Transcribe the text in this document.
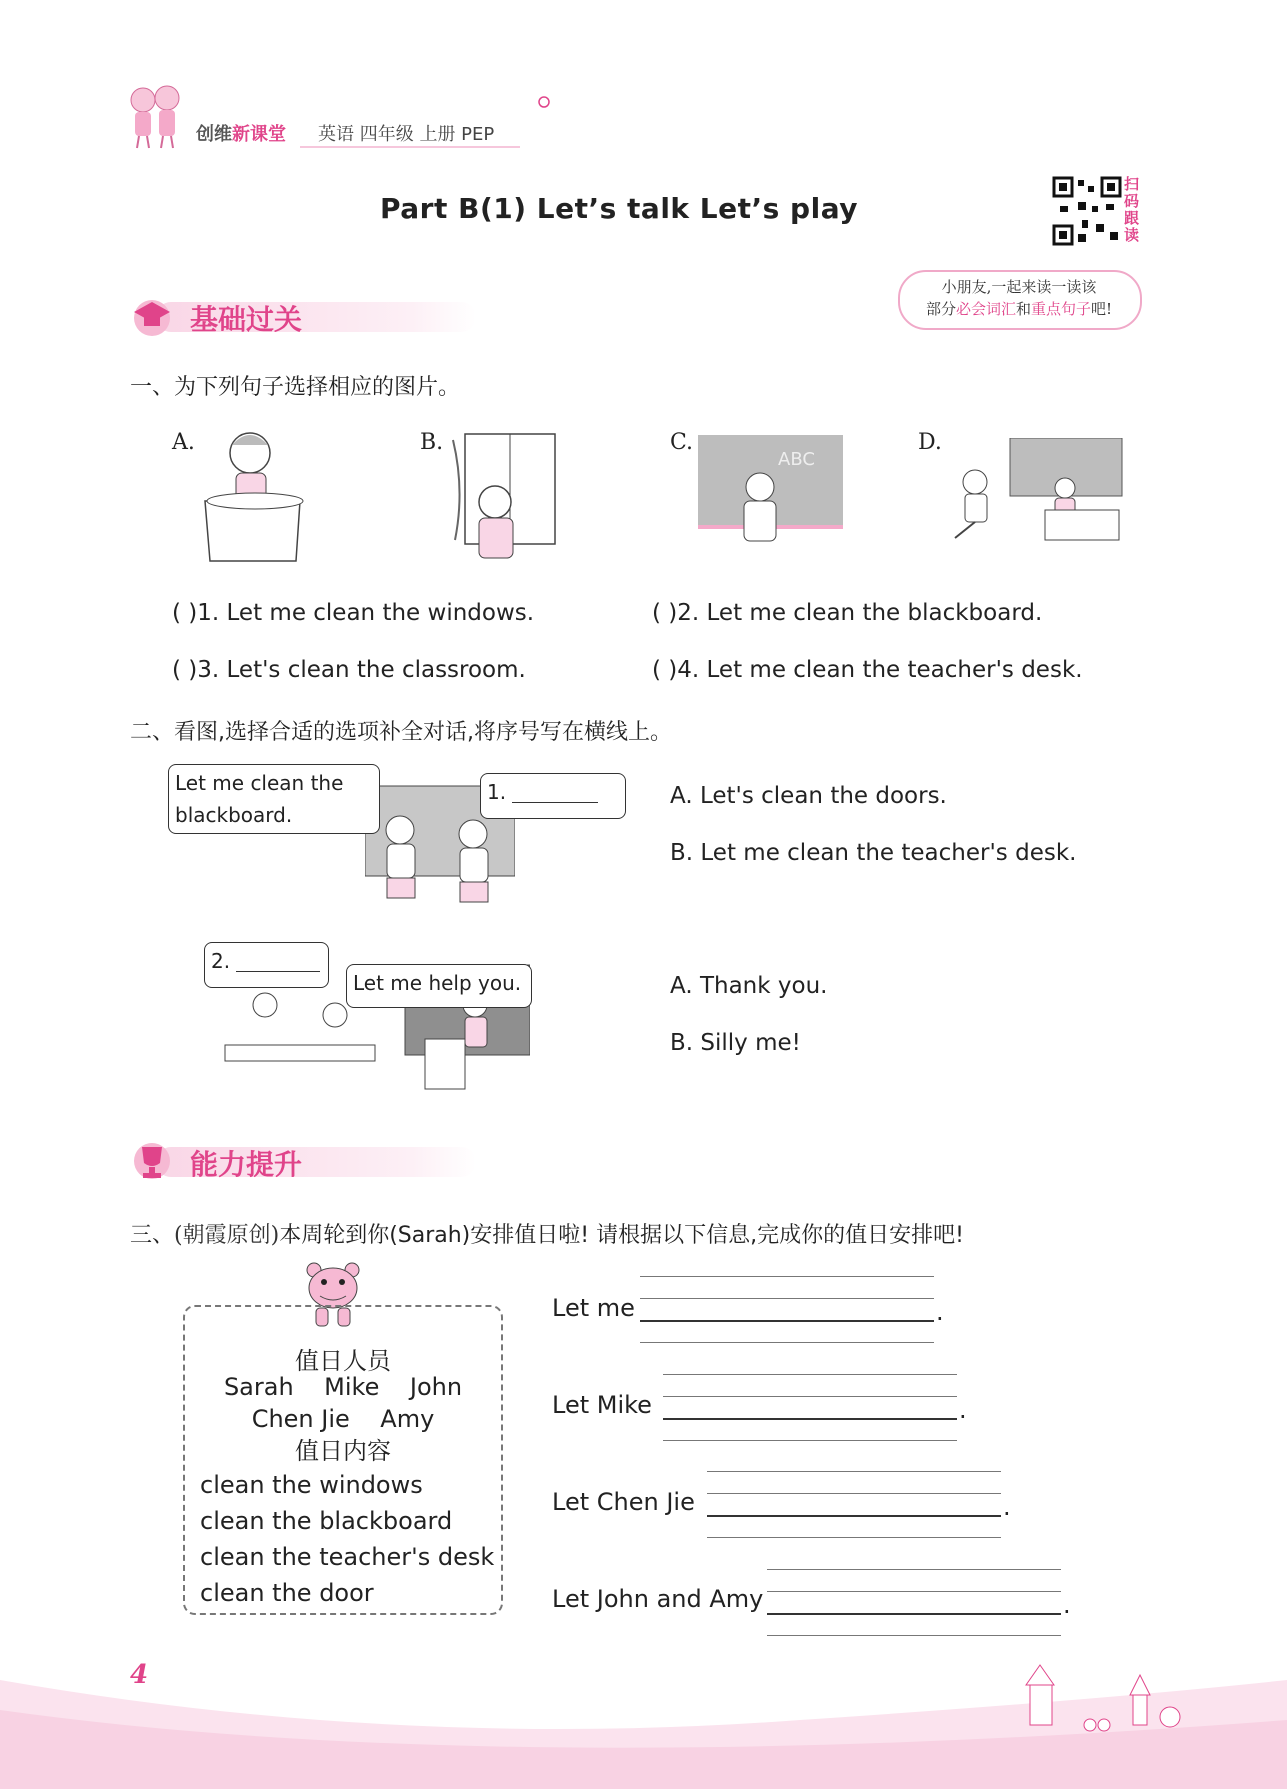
创维新课堂 英语 四年级 上册 PEP
Part B(1) Let’s talk Let’s play
扫码跟读
小朋友,一起来读一读该
部分必会词汇和重点句子吧!
基础过关
一、为下列句子选择相应的图片。
A.	B.	C.
ABC
D.
( )1. Let me clean the windows.	( )2. Let me clean the blackboard.
( )3. Let's clean the classroom.	( )4. Let me clean the teacher's desk.
二、看图,选择合适的选项补全对话,将序号写在横线上。
Let me clean the
blackboard.
1.	A. Let's clean the doors.
B. Let me clean the teacher's desk.
2.
Let me help you.	A. Thank you.
B. Silly me!
能力提升
三、(朝霞原创)本周轮到你(Sarah)安排值日啦! 请根据以下信息,完成你的值日安排吧!
值日人员
Sarah    Mike    John
Chen Jie    Amy
值日内容
clean the windows
clean the blackboard
clean the teacher's desk
clean the door
Let me	.
Let Mike	.
Let Chen Jie	.
Let John and Amy	.
4
